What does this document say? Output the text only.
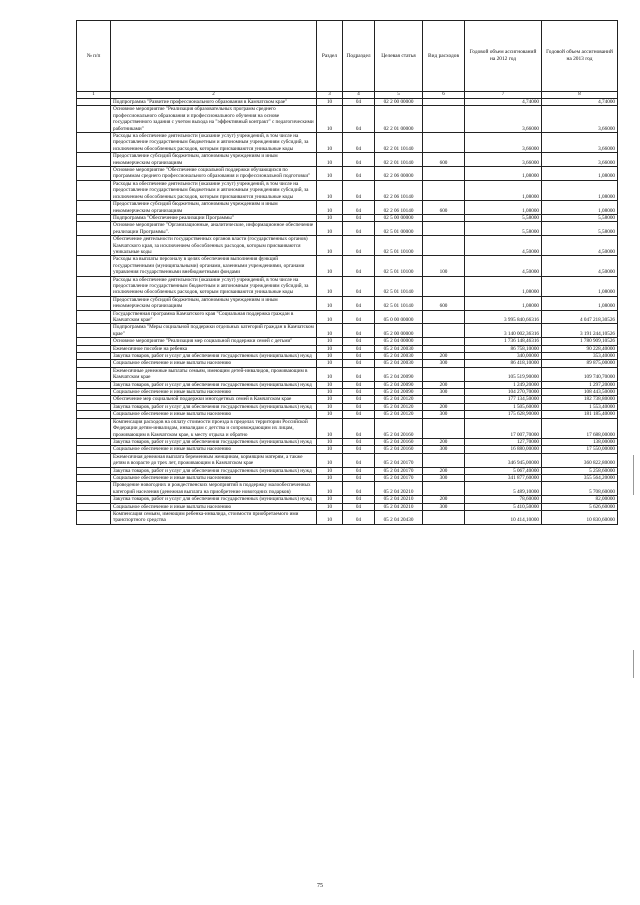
№ п/п		Раздел	Подраздел	Целевая статья	Вид расходов	Годовой объем ассигнований на 2012 год	Годовой объем ассигнований на 2013 год
1	2	3	4	5	6	7	8
	Подпрограмма "Развитие профессионального образования в Камчатском крае"	10	04	02 2 00 00000		4,74000	4,74000
	Основное мероприятие "Реализация образовательных программ среднего профессионального образования и профессионального обучения на основе государственного задания с учетом выхода на "эффективный контракт" с педагогическими работниками"	10	04	02 2 01 00000		3,66000	3,66000
	Расходы на обеспечение деятельности (оказание услуг) учреждений, в том числе на предоставление государственным бюджетным и автономным учреждениям субсидий, за исключением обособленных расходов, которым присваиваются уникальные коды	10	04	02 2 01 10140		3,66000	3,66000
	Предоставление субсидий бюджетным, автономным учреждениям и иным некоммерческим организациям	10	04	02 2 01 10140	600	3,66000	3,66000
	Основное мероприятие "Обеспечение социальной поддержки обучающихся по программам среднего профессионального образования и профессиональной подготовки"	10	04	02 2 06 00000		1,08000	1,08000
	Расходы на обеспечение деятельности (оказание услуг) учреждений, в том числе на предоставление государственным бюджетным и автономным учреждениям субсидий, за исключением обособленных расходов, которым присваиваются уникальные коды	10	04	02 2 06 10140		1,08000	1,08000
	Предоставление субсидий бюджетным, автономным учреждениям и иным некоммерческим организациям	10	04	02 2 06 10140	600	1,08000	1,08000
	Подпрограмма "Обеспечение реализации Программы"	10	04	02 5 00 00000		5,58000	5,58000
	Основное мероприятие "Организационные, аналитические, информационное обеспечение реализации Программы".	10	04	02 5 01 00000		5,58000	5,58000
	Обеспечение деятельности государственных органов власти (государственных органов) Камчатского края, за исключением обособленных расходов, которым присваиваются уникальные коды	10	04	02 5 01 10100		4,50000	4,50000
	Расходы на выплаты персоналу в целях обеспечения выполнения функций государственными (муниципальными) органами, казенными учреждениями, органами управления государственными внебюджетными фондами	10	04	02 5 01 10100	100	4,50000	4,50000
	Расходы на обеспечение деятельности (оказание услуг) учреждений, в том числе на предоставление государственным бюджетным и автономным учреждениям субсидий, за исключением обособленных расходов, которым присваиваются уникальные коды	10	04	02 5 01 10140		1,08000	1,08000
	Предоставление субсидий бюджетным, автономным учреждениям и иным некоммерческим организациям	10	04	02 5 01 10140	600	1,08000	1,08000
	Государственная программа Камчатского края "Социальная поддержка граждан в Камчатском крае"	10	04	05 0 00 00000		3 995 840,66316	4 047 218,30526
	Подпрограмма "Меры социальной поддержки отдельных категорий граждан в Камчатском крае"	10	04	05 2 00 00000		3 140 002,36316	3 191 244,10526
	Основное мероприятие "Реализация мер социальной поддержки семей с детьми"	10	04	05 2 04 00000		1 736 148,46316	1 780 909,10526
	Ежемесячное пособие на ребенка	10	04	05 2 04 20030		86 758,10000	90 228,40000
	Закупка товаров, работ и услуг для обеспечения государственных (муниципальных) нужд	10	04	05 2 04 20030	200	340,00000	353,40000
	Социальное обеспечение и иные выплаты населению	10	04	05 2 04 20030	300	86 418,10000	89 875,00000
	Ежемесячные денежные выплаты семьям, имеющим детей-инвалидов, проживающим в Камчатском крае	10	04	05 2 04 20090		105 519,90000	109 740,70000
	Закупка товаров, работ и услуг для обеспечения государственных (муниципальных) нужд	10	04	05 2 04 20090	200	1 249,20000	1 297,20000
	Социальное обеспечение и иные выплаты населению	10	04	05 2 04 20090	300	104 270,70000	108 443,50000
	Обеспечение мер социальной поддержки многодетных семей в Камчатском крае	10	04	05 2 04 20120		177 134,50000	182 738,80000
	Закупка товаров, работ и услуг для обеспечения государственных (муниципальных) нужд	10	04	05 2 04 20120	200	1 505,60000	1 553,40000
	Социальное обеспечение и иные выплаты населению	10	04	05 2 04 20120	300	175 628,90000	181 185,40000
	Компенсация расходов на оплату стоимости проезда в пределах территории Российской Федерации детям-инвалидам, инвалидам с детства и сопровождающим их лицам, проживающим в Камчатском крае, к месту отдыха и обратно	10	04	05 2 04 20160		17 007,70000	17 688,00000
	Закупка товаров, работ и услуг для обеспечения государственных (муниципальных) нужд	10	04	05 2 04 20160	200	127,70000	138,00000
	Социальное обеспечение и иные выплаты населению	10	04	05 2 04 20160	300	16 880,00000	17 550,00000
	Ежемесячная денежная выплата беременным женщинам, кормящим матерям, а также детям в возрасте до трех лет, проживающим в Камчатском крае	10	04	05 2 04 20170		346 945,00000	360 822,80000
	Закупка товаров, работ и услуг для обеспечения государственных (муниципальных) нужд	10	04	05 2 04 20170	200	5 067,40000	5 258,60000
	Социальное обеспечение и иные выплаты населению	10	04	05 2 04 20170	300	341 877,60000	355 564,20000
	Проведение новогодних и рождественских мероприятий в поддержку малообеспеченных категорий населения (денежная выплата на приобретение новогодних подарков)	10	04	05 2 04 20210		5 489,10000	5 708,60000
	Закупка товаров, работ и услуг для обеспечения государственных (муниципальных) нужд	10	04	05 2 04 20210	200	78,60000	82,00000
	Социальное обеспечение и иные выплаты населению	10	04	05 2 04 20210	300	5 410,50000	5 626,60000
	Компенсация семьям, имеющим ребенка-инвалида, стоимости приобретаемого ими транспортного средства	10	04	05 2 04 20430		10 414,10000	10 830,60000
75
